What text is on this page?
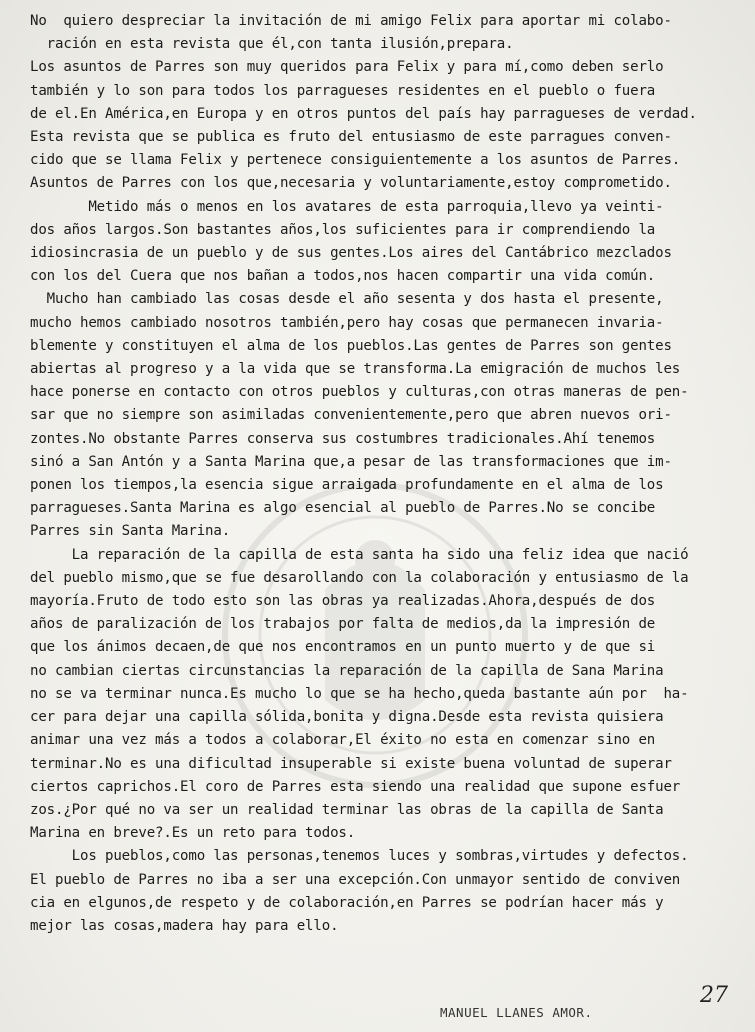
No  quiero despreciar la invitación de mi amigo Felix para aportar mi colabo-
ración en esta revista que él,con tanta ilusión,prepara.
Los asuntos de Parres son muy queridos para Felix y para mí,como deben serlo
también y lo son para todos los parragueses residentes en el pueblo o fuera
de el.En América,en Europa y en otros puntos del país hay parragueses de verdad.
Esta revista que se publica es fruto del entusiasmo de este parragues conven-
cido que se llama Felix y pertenece consiguientemente a los asuntos de Parres.
Asuntos de Parres con los que,necesaria y voluntariamente,estoy comprometido.
Metido más o menos en los avatares de esta parroquia,llevo ya veinti-
dos años largos.Son bastantes años,los suficientes para ir comprendiendo la
idiosincrasia de un pueblo y de sus gentes.Los aires del Cantábrico mezclados
con los del Cuera que nos bañan a todos,nos hacen compartir una vida común.
Mucho han cambiado las cosas desde el año sesenta y dos hasta el presente,
mucho hemos cambiado nosotros también,pero hay cosas que permanecen invaria-
blemente y constituyen el alma de los pueblos.Las gentes de Parres son gentes
abiertas al progreso y a la vida que se transforma.La emigración de muchos les
hace ponerse en contacto con otros pueblos y culturas,con otras maneras de pen-
sar que no siempre son asimiladas convenientemente,pero que abren nuevos ori-
zontes.No obstante Parres conserva sus costumbres tradicionales.Ahí tenemos
sinó a San Antón y a Santa Marina que,a pesar de las transformaciones que im-
ponen los tiempos,la esencia sigue arraigada profundamente en el alma de los
parragueses.Santa Marina es algo esencial al pueblo de Parres.No se concibe
Parres sin Santa Marina.
La reparación de la capilla de esta santa ha sido una feliz idea que nació
del pueblo mismo,que se fue desarollando con la colaboración y entusiasmo de la
mayoría.Fruto de todo esto son las obras ya realizadas.Ahora,después de dos
años de paralización de los trabajos por falta de medios,da la impresión de
que los ánimos decaen,de que nos encontramos en un punto muerto y de que si
no cambian ciertas circunstancias la reparación de la capilla de Sana Marina
no se va terminar nunca.Es mucho lo que se ha hecho,queda bastante aún por  ha-
cer para dejar una capilla sólida,bonita y digna.Desde esta revista quisiera
animar una vez más a todos a colaborar,El éxito no esta en comenzar sino en
terminar.No es una dificultad insuperable si existe buena voluntad de superar
ciertos caprichos.El coro de Parres esta siendo una realidad que supone esfuer
zos.¿Por qué no va ser un realidad terminar las obras de la capilla de Santa
Marina en breve?.Es un reto para todos.
Los pueblos,como las personas,tenemos luces y sombras,virtudes y defectos.
El pueblo de Parres no iba a ser una excepción.Con unmayor sentido de conviven
cia en elgunos,de respeto y de colaboración,en Parres se podrían hacer más y
mejor las cosas,madera hay para ello.
MANUEL LLANES AMOR.
27
